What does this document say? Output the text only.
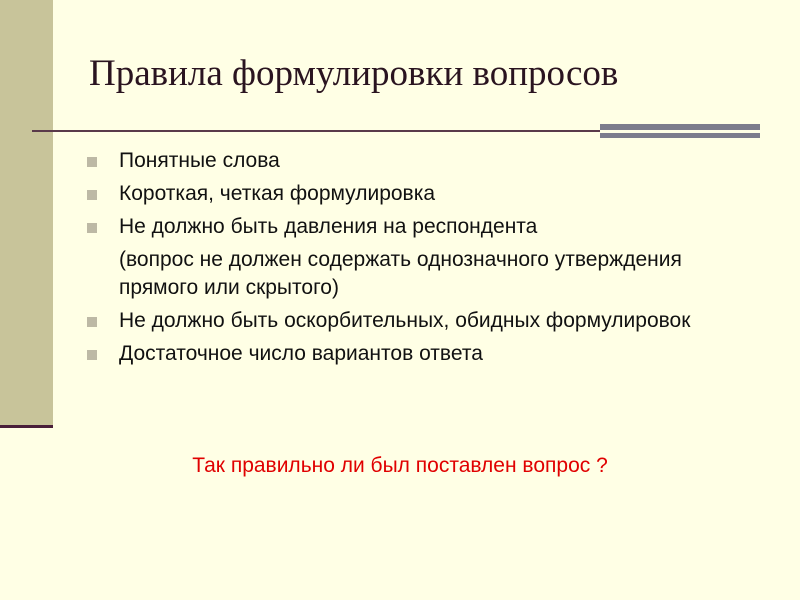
Правила формулировки вопросов
Понятные слова
Короткая, четкая формулировка
Не должно быть давления на респондента
(вопрос не должен содержать однозначного утверждения прямого или скрытого)
Не должно быть оскорбительных, обидных формулировок
Достаточное число вариантов ответа

Так правильно ли был поставлен вопрос ?
